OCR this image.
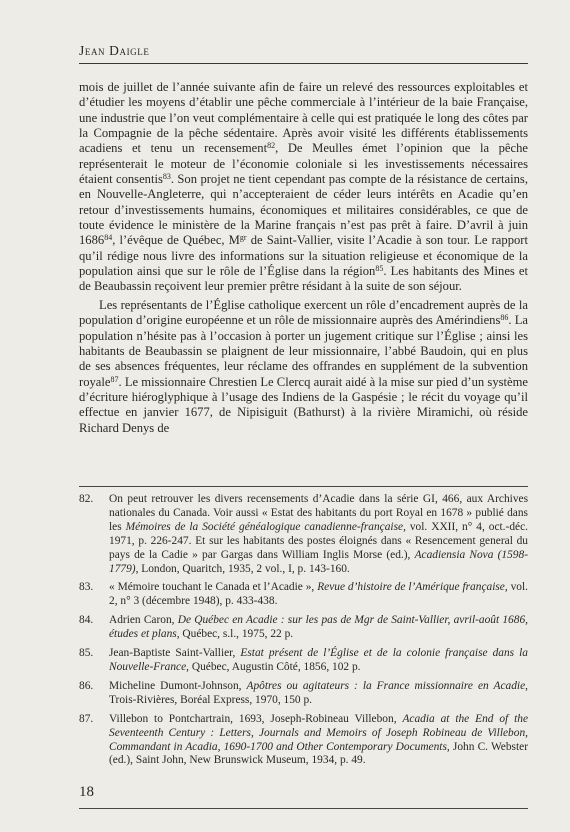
Jean Daigle

mois de juillet de l’année suivante afin de faire un relevé des ressources exploitables et d’étudier les moyens d’établir une pêche commerciale à l’intérieur de la baie Française, une industrie que l’on veut complémentaire à celle qui est pratiquée le long des côtes par la Compagnie de la pêche sédentaire. Après avoir visité les différents établissements acadiens et tenu un recensement$^{82}$, De Meulles émet l’opinion que la pêche représenterait le moteur de l’économie coloniale si les investissements nécessaires étaient consentis$^{83}$. Son projet ne tient cependant pas compte de la résistance de certains, en Nouvelle-Angleterre, qui n’accepteraient de céder leurs intérêts en Acadie qu’en retour d’investissements humains, économiques et militaires considérables, ce que de toute évidence le ministère de la Marine français n’est pas prêt à faire. D’avril à juin 1686$^{84}$, l’évêque de Québec, $M^{gr}$ de Saint-Vallier, visite l’Acadie à son tour. Le rapport qu’il rédige nous livre des informations sur la situation religieuse et économique de la population ainsi que sur le rôle de l’Église dans la région$^{85}$. Les habitants des Mines et de Beaubassin reçoivent leur premier prêtre résidant à la suite de son séjour.

Les représentants de l’Église catholique exercent un rôle d’encadrement auprès de la population d’origine européenne et un rôle de missionnaire auprès des Amérindiens$^{86}$. La population n’hésite pas à l’occasion à porter un jugement critique sur l’Église ; ainsi les habitants de Beaubassin se plaignent de leur missionnaire, l’abbé Baudoin, qui en plus de ses absences fréquentes, leur réclame des offrandes en supplément de la subvention royale$^{87}$. Le missionnaire Chrestien Le Clercq aurait aidé à la mise sur pied d’un système d’écriture hiéroglyphique à l’usage des Indiens de la Gaspésie ; le récit du voyage qu’il effectue en janvier 1677, de Nipisiguit (Bathurst) à la rivière Miramichi, où réside Richard Denys de

82.	On peut retrouver les divers recensements d’Acadie dans la série GI, 466, aux Archives nationales du Canada. Voir aussi « Estat des habitants du port Royal en 1678 » publié dans les Mémoires de la Société généalogique canadienne-française, vol. XXII, n° 4, oct.-déc. 1971, p. 226-247. Et sur les habitants des postes éloignés dans « Resencement general du pays de la Cadie » par Gargas dans William Inglis Morse (ed.), Acadiensia Nova (1598-1779), London, Quaritch, 1935, 2 vol., I, p. 143-160.
83.	« Mémoire touchant le Canada et l’Acadie », Revue d’histoire de l’Amérique française, vol. 2, n° 3 (décembre 1948), p. 433-438.
84.	Adrien Caron, De Québec en Acadie : sur les pas de Mgr de Saint-Vallier, avril-août 1686, études et plans, Québec, s.l., 1975, 22 p.
85.	Jean-Baptiste Saint-Vallier, Estat présent de l’Église et de la colonie française dans la Nouvelle-France, Québec, Augustin Côté, 1856, 102 p.
86.	Micheline Dumont-Johnson, Apôtres ou agitateurs : la France missionnaire en Acadie, Trois-Rivières, Boréal Express, 1970, 150 p.
87.	Villebon to Pontchartrain, 1693, Joseph-Robineau Villebon, Acadia at the End of the Seventeenth Century : Letters, Journals and Memoirs of Joseph Robineau de Villebon, Commandant in Acadia, 1690-1700 and Other Contemporary Documents, John C. Webster (ed.), Saint John, New Brunswick Museum, 1934, p. 49.
18
